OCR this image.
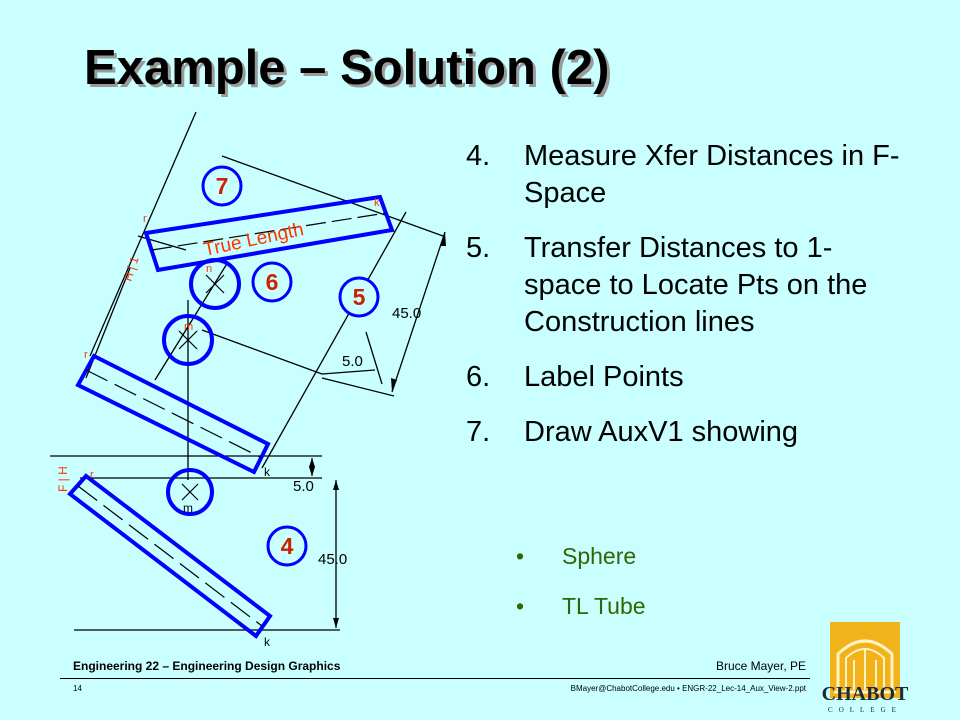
Example – Solution (2)
True Length
45.0
5.0
5.0
45.0
H | 1
F | H
r
r
m
n
k
r	k
m
k
7
6
5
4
4. Measure Xfer Distances in F-Space
5. Transfer Distances to 1-space to Locate Pts on the Construction lines
6. Label Points
7. Draw AuxV1 showing
• Sphere
• TL Tube
Engineering 22 – Engineering Design Graphics	Bruce Mayer, PE
14	BMayer@ChabotCollege.edu • ENGR-22_Lec-14_Aux_View-2.ppt CHABOT
COLLEGE
